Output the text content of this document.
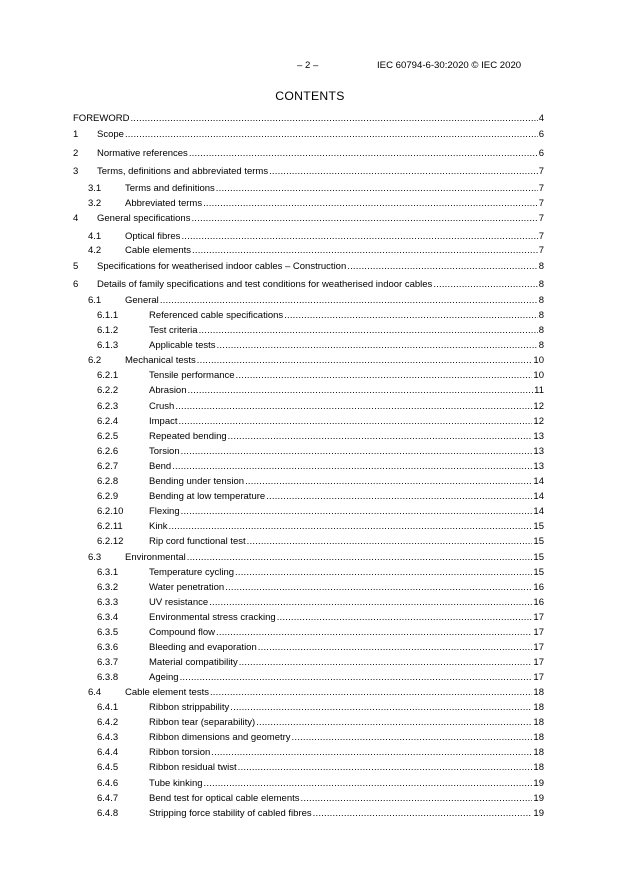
– 2 –	IEC 60794-6-30:2020 © IEC 2020
CONTENTS
FOREWORD .....	4
1 Scope .....	6
2 Normative references .....	6
3 Terms, definitions and abbreviated terms .....	7
3.1	Terms and definitions .....	7
3.2	Abbreviated terms .....	7
4 General specifications .....	7
4.1	Optical fibres .....	7
4.2	Cable elements .....	7
5 Specifications for weatherised indoor cables – Construction .....	8
6 Details of family specifications and test conditions for weatherised indoor cables .....	8
6.1	General .....	8
6.1.1	Referenced cable specifications .....	8
6.1.2	Test criteria .....	8
6.1.3	Applicable tests .....	8
6.2	Mechanical tests .....	10
6.2.1	Tensile performance .....	10
6.2.2	Abrasion .....	11
6.2.3	Crush .....	12
6.2.4	Impact .....	12
6.2.5	Repeated bending .....	13
6.2.6	Torsion .....	13
6.2.7	Bend .....	13
6.2.8	Bending under tension .....	14
6.2.9	Bending at low temperature .....	14
6.2.10	Flexing .....	14
6.2.11	Kink .....	15
6.2.12	Rip cord functional test .....	15
6.3	Environmental .....	15
6.3.1	Temperature cycling .....	15
6.3.2	Water penetration .....	16
6.3.3	UV resistance .....	16
6.3.4	Environmental stress cracking .....	17
6.3.5	Compound flow .....	17
6.3.6	Bleeding and evaporation .....	17
6.3.7	Material compatibility .....	17
6.3.8	Ageing .....	17
6.4	Cable element tests .....	18
6.4.1	Ribbon strippability .....	18
6.4.2	Ribbon tear (separability) .....	18
6.4.3	Ribbon dimensions and geometry .....	18
6.4.4	Ribbon torsion .....	18
6.4.5	Ribbon residual twist .....	18
6.4.6	Tube kinking .....	19
6.4.7	Bend test for optical cable elements .....	19
6.4.8	Stripping force stability of cabled fibres .....	19
